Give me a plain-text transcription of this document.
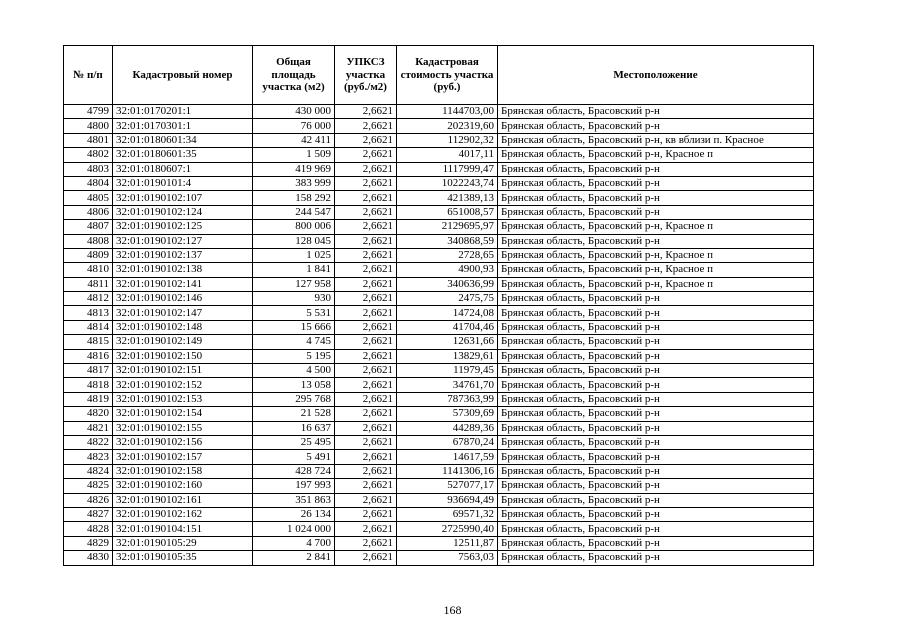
№ п/п	Кадастровый номер	Общая площадь участка (м2)	УПКСЗ участка (руб./м2)	Кадастровая стоимость участка (руб.)	Местоположение
4799	32:01:0170201:1	430 000	2,6621	1144703,00	Брянская область, Брасовский р-н
4800	32:01:0170301:1	76 000	2,6621	202319,60	Брянская область, Брасовский р-н
4801	32:01:0180601:34	42 411	2,6621	112902,32	Брянская область, Брасовский р-н, кв вблизи п. Красное
4802	32:01:0180601:35	1 509	2,6621	4017,11	Брянская область, Брасовский р-н, Красное п
4803	32:01:0180607:1	419 969	2,6621	1117999,47	Брянская область, Брасовский р-н
4804	32:01:0190101:4	383 999	2,6621	1022243,74	Брянская область, Брасовский р-н
4805	32:01:0190102:107	158 292	2,6621	421389,13	Брянская область, Брасовский р-н
4806	32:01:0190102:124	244 547	2,6621	651008,57	Брянская область, Брасовский р-н
4807	32:01:0190102:125	800 006	2,6621	2129695,97	Брянская область, Брасовский р-н, Красное п
4808	32:01:0190102:127	128 045	2,6621	340868,59	Брянская область, Брасовский р-н
4809	32:01:0190102:137	1 025	2,6621	2728,65	Брянская область, Брасовский р-н, Красное п
4810	32:01:0190102:138	1 841	2,6621	4900,93	Брянская область, Брасовский р-н, Красное п
4811	32:01:0190102:141	127 958	2,6621	340636,99	Брянская область, Брасовский р-н, Красное п
4812	32:01:0190102:146	930	2,6621	2475,75	Брянская область, Брасовский р-н
4813	32:01:0190102:147	5 531	2,6621	14724,08	Брянская область, Брасовский р-н
4814	32:01:0190102:148	15 666	2,6621	41704,46	Брянская область, Брасовский р-н
4815	32:01:0190102:149	4 745	2,6621	12631,66	Брянская область, Брасовский р-н
4816	32:01:0190102:150	5 195	2,6621	13829,61	Брянская область, Брасовский р-н
4817	32:01:0190102:151	4 500	2,6621	11979,45	Брянская область, Брасовский р-н
4818	32:01:0190102:152	13 058	2,6621	34761,70	Брянская область, Брасовский р-н
4819	32:01:0190102:153	295 768	2,6621	787363,99	Брянская область, Брасовский р-н
4820	32:01:0190102:154	21 528	2,6621	57309,69	Брянская область, Брасовский р-н
4821	32:01:0190102:155	16 637	2,6621	44289,36	Брянская область, Брасовский р-н
4822	32:01:0190102:156	25 495	2,6621	67870,24	Брянская область, Брасовский р-н
4823	32:01:0190102:157	5 491	2,6621	14617,59	Брянская область, Брасовский р-н
4824	32:01:0190102:158	428 724	2,6621	1141306,16	Брянская область, Брасовский р-н
4825	32:01:0190102:160	197 993	2,6621	527077,17	Брянская область, Брасовский р-н
4826	32:01:0190102:161	351 863	2,6621	936694,49	Брянская область, Брасовский р-н
4827	32:01:0190102:162	26 134	2,6621	69571,32	Брянская область, Брасовский р-н
4828	32:01:0190104:151	1 024 000	2,6621	2725990,40	Брянская область, Брасовский р-н
4829	32:01:0190105:29	4 700	2,6621	12511,87	Брянская область, Брасовский р-н
4830	32:01:0190105:35	2 841	2,6621	7563,03	Брянская область, Брасовский р-н
168
